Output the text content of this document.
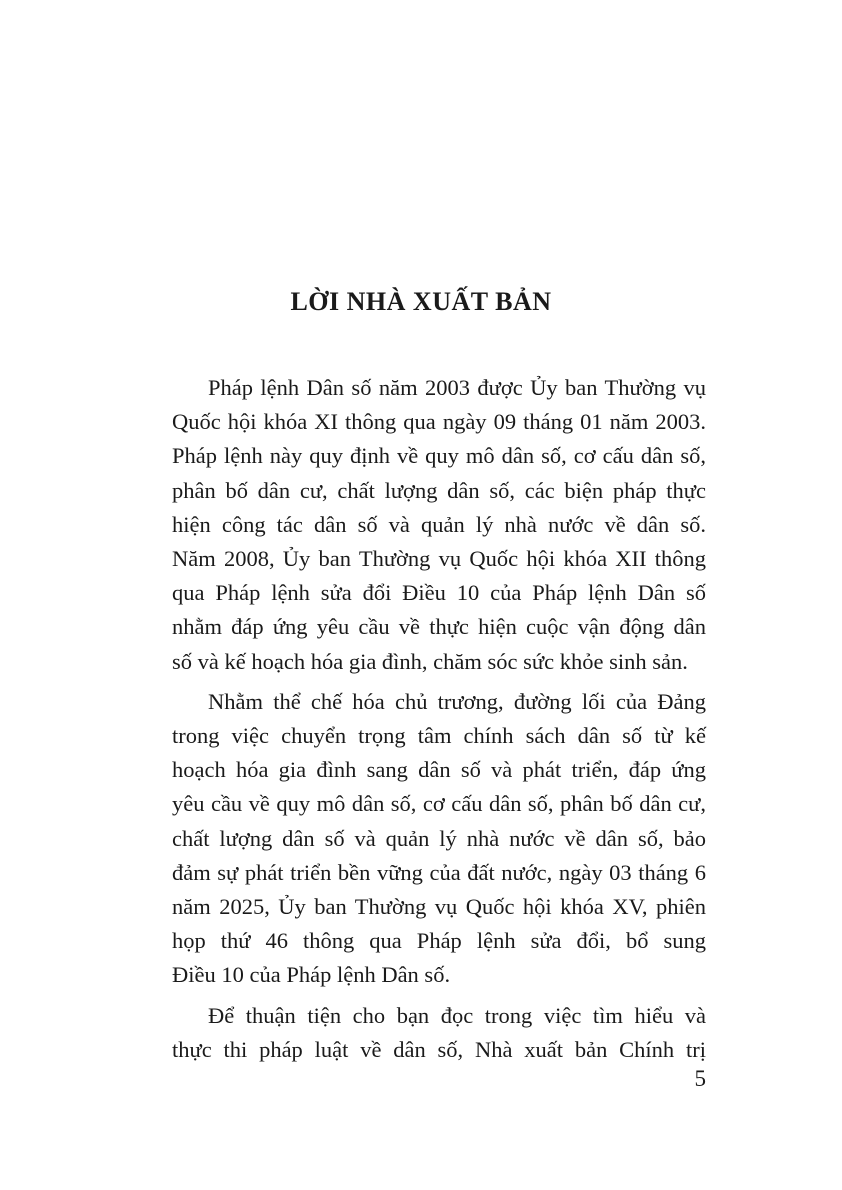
LỜI NHÀ XUẤT BẢN
Pháp lệnh Dân số năm 2003 được Ủy ban Thường vụ
Quốc hội khóa XI thông qua ngày 09 tháng 01 năm 2003.
Pháp lệnh này quy định về quy mô dân số, cơ cấu dân số,
phân bố dân cư, chất lượng dân số, các biện pháp thực
hiện công tác dân số và quản lý nhà nước về dân số.
Năm 2008, Ủy ban Thường vụ Quốc hội khóa XII thông
qua Pháp lệnh sửa đổi Điều 10 của Pháp lệnh Dân số
nhằm đáp ứng yêu cầu về thực hiện cuộc vận động dân
số và kế hoạch hóa gia đình, chăm sóc sức khỏe sinh sản.
Nhằm thể chế hóa chủ trương, đường lối của Đảng
trong việc chuyển trọng tâm chính sách dân số từ kế
hoạch hóa gia đình sang dân số và phát triển, đáp ứng
yêu cầu về quy mô dân số, cơ cấu dân số, phân bố dân cư,
chất lượng dân số và quản lý nhà nước về dân số, bảo
đảm sự phát triển bền vững của đất nước, ngày 03 tháng 6
năm 2025, Ủy ban Thường vụ Quốc hội khóa XV, phiên
họp thứ 46 thông qua Pháp lệnh sửa đổi, bổ sung
Điều 10 của Pháp lệnh Dân số.
Để thuận tiện cho bạn đọc trong việc tìm hiểu và
thực thi pháp luật về dân số, Nhà xuất bản Chính trị
5
